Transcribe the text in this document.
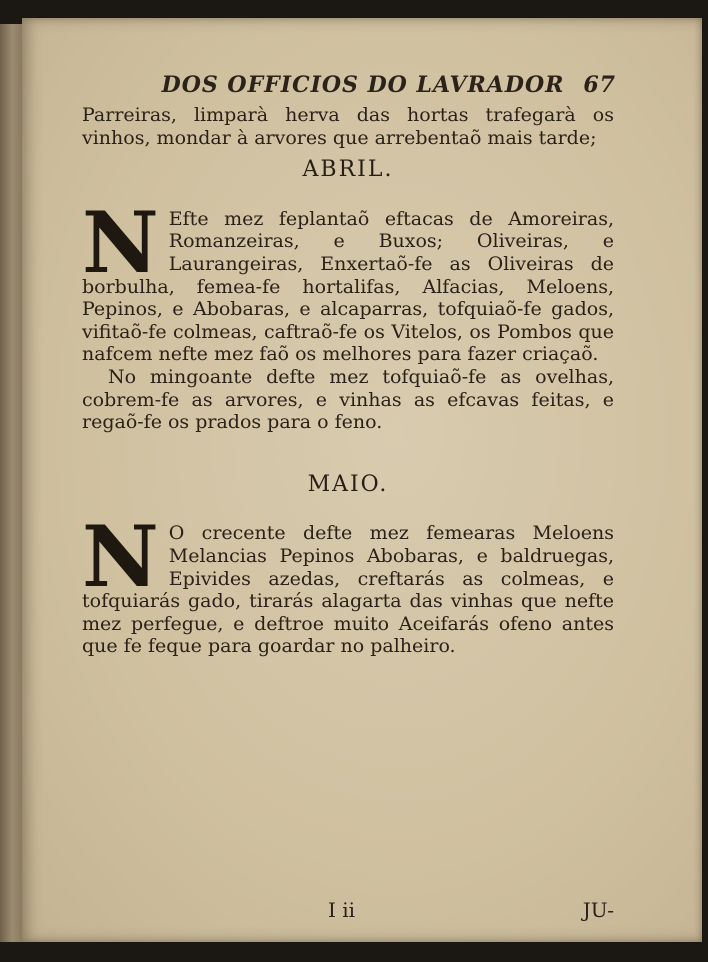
DOS OFFICIOS DO LAVRADOR 67

Parreiras, limparà herva das hortas trafegarà os vinhos, mondar à arvores que arrebentaõ mais tarde;

ABRIL.

N Efte mez feplantaõ eftacas de Amoreiras, Romanzeiras, e Buxos; Oliveiras, e Laurangeiras, Enxertaõ-fe as Oliveiras de borbulha, femea-fe hortalifas, Alfacias, Meloens, Pepinos, e Abobaras, e alcaparras, tofquiaõ-fe gados, vifitaõ-fe colmeas, caftraõ-fe os Vitelos, os Pombos que nafcem nefte mez faõ os melhores para fazer criaçaõ.

No mingoante defte mez tofquiaõ-fe as ovelhas, cobrem-fe as arvores, e vinhas as efcavas feitas, e regaõ-fe os prados para o feno.

MAIO.

N O crecente defte mez femearas Meloens Melancias Pepinos Abobaras, e baldruegas, Epivides azedas, creftarás as colmeas, e tofquiarás gado, tirarás alagarta das vinhas que nefte mez perfegue, e deftroe muito Aceifarás ofeno antes que fe feque para goardar no palheiro.

I ii	JU-
